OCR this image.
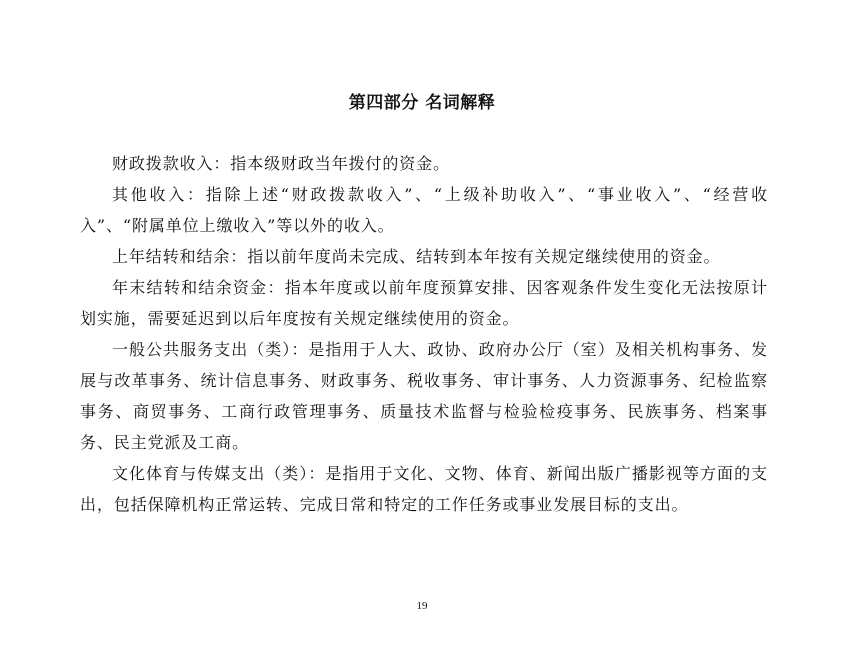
第四部分 名词解释

财政拨款收入：指本级财政当年拨付的资金。

其他收入：指除上述“财政拨款收入”、“上级补助收入”、“事业收入”、“经营收入”、“附属单位上缴收入”等以外的收入。

上年结转和结余：指以前年度尚未完成、结转到本年按有关规定继续使用的资金。

年末结转和结余资金：指本年度或以前年度预算安排、因客观条件发生变化无法按原计划实施，需要延迟到以后年度按有关规定继续使用的资金。

一般公共服务支出（类）：是指用于人大、政协、政府办公厅（室）及相关机构事务、发展与改革事务、统计信息事务、财政事务、税收事务、审计事务、人力资源事务、纪检监察事务、商贸事务、工商行政管理事务、质量技术监督与检验检疫事务、民族事务、档案事务、民主党派及工商。

文化体育与传媒支出（类）：是指用于文化、文物、体育、新闻出版广播影视等方面的支出，包括保障机构正常运转、完成日常和特定的工作任务或事业发展目标的支出。

19
